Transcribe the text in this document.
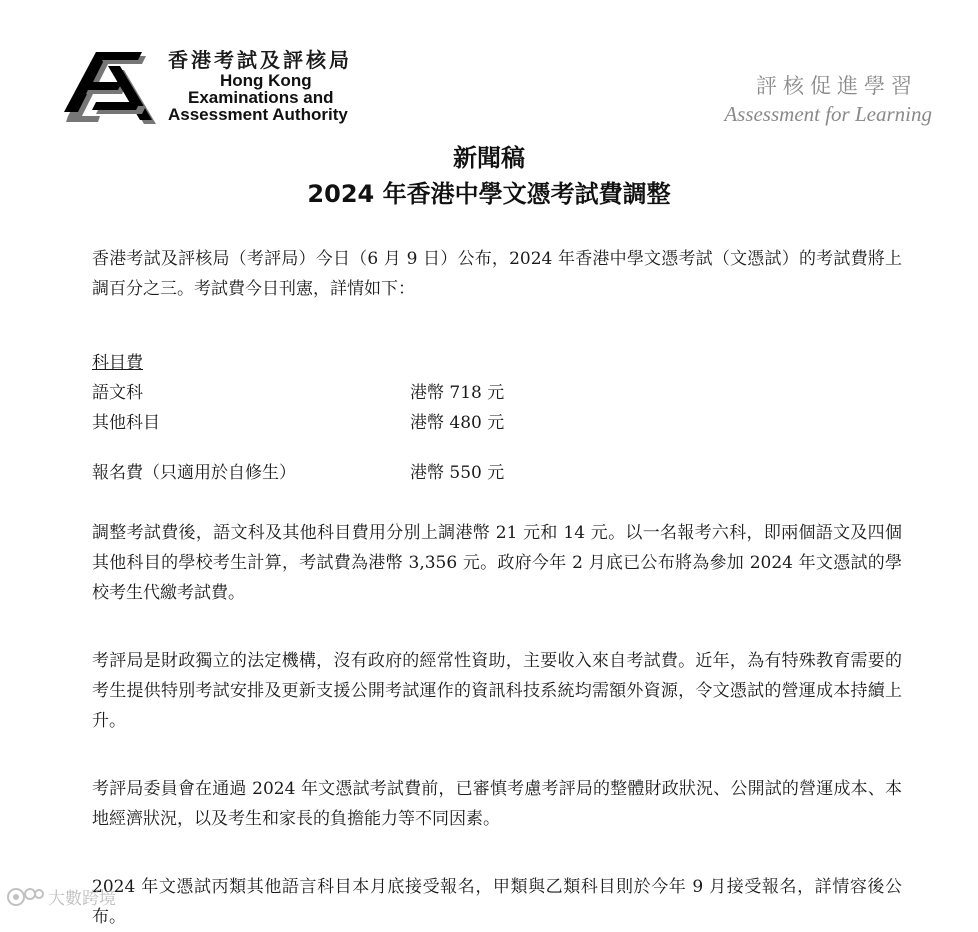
香港考試及評核局
Hong Kong
Examinations and
Assessment Authority
評核促進學習
Assessment for Learning
新聞稿
2024 年香港中學文憑考試費調整

香港考試及評核局（考評局）今日（6 月 9 日）公布，2024 年香港中學文憑考試（文憑試）的考試費將上調百分之三。考試費今日刊憲，詳情如下：

科目費

語文科	港幣 718 元
其他科目	港幣 480 元
報名費（只適用於自修生）	港幣 550 元

調整考試費後，語文科及其他科目費用分別上調港幣 21 元和 14 元。以一名報考六科，即兩個語文及四個其他科目的學校考生計算，考試費為港幣 3,356 元。政府今年 2 月底已公布將為參加 2024 年文憑試的學校考生代繳考試費。

考評局是財政獨立的法定機構，沒有政府的經常性資助，主要收入來自考試費。近年，為有特殊教育需要的考生提供特別考試安排及更新支援公開考試運作的資訊科技系統均需額外資源，令文憑試的營運成本持續上升。

考評局委員會在通過 2024 年文憑試考試費前，已審慎考慮考評局的整體財政狀況、公開試的營運成本、本地經濟狀況，以及考生和家長的負擔能力等不同因素。

2024 年文憑試丙類其他語言科目本月底接受報名，甲類與乙類科目則於今年 9 月接受報名，詳情容後公布。

大數跨境
